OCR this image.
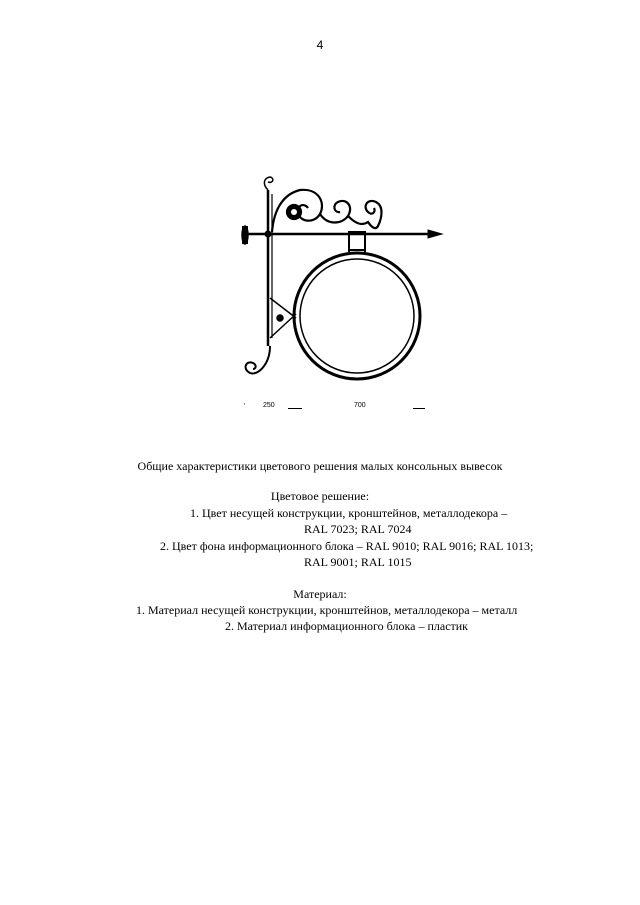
4
′	250	700
Общие характеристики цветового решения малых консольных вывесок
Цветовое решение:
1. Цвет несущей конструкции, кронштейнов, металлодекора –
RAL 7023; RAL 7024
2. Цвет фона информационного блока – RAL 9010; RAL 9016; RAL 1013;
RAL 9001; RAL 1015
Материал:
1. Материал несущей конструкции, кронштейнов, металлодекора – металл
2. Материал информационного блока – пластик
